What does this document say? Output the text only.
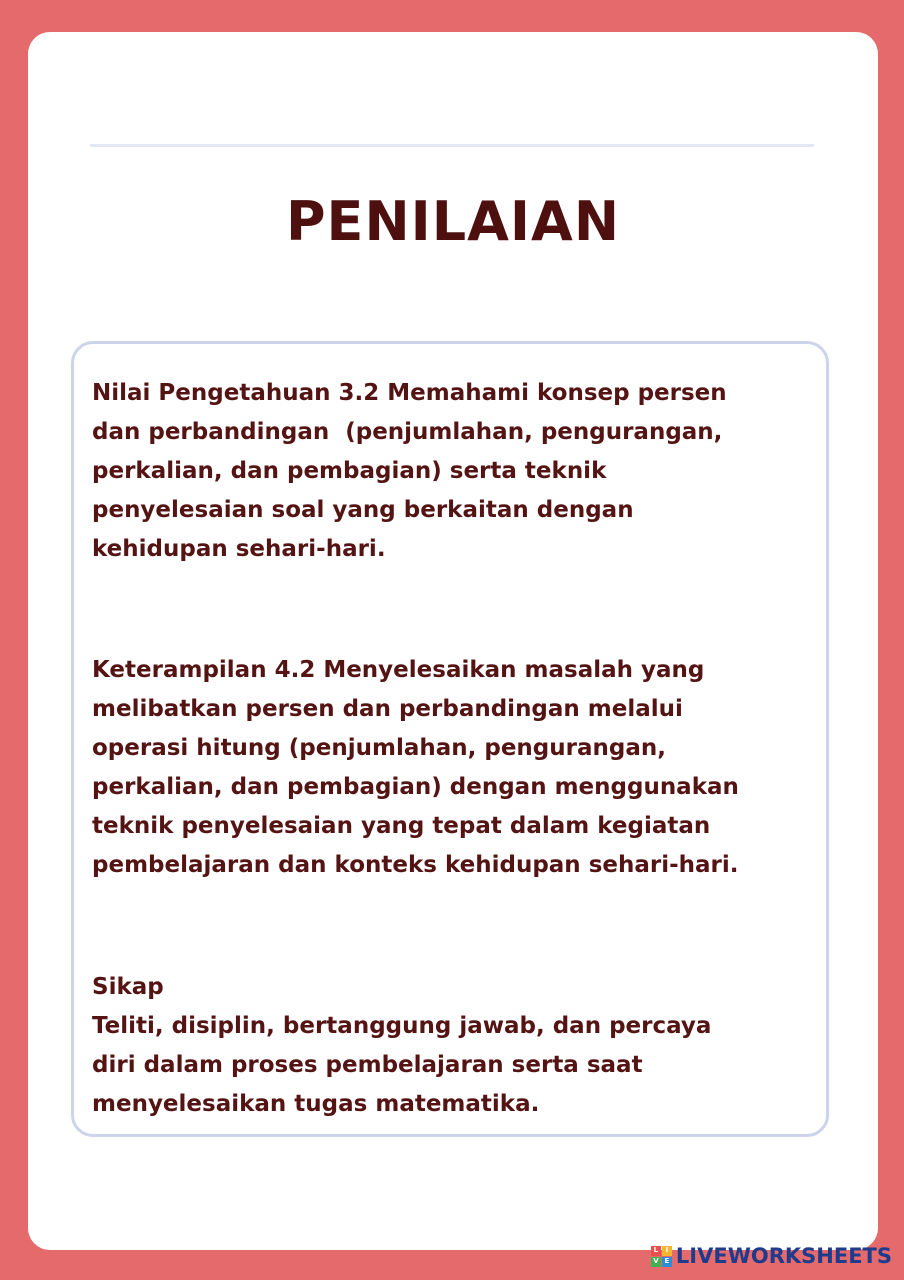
PENILAIAN

Nilai Pengetahuan 3.2 Memahami konsep persen
dan perbandingan  (penjumlahan, pengurangan,
perkalian, dan pembagian) serta teknik
penyelesaian soal yang berkaitan dengan
kehidupan sehari-hari.

Keterampilan 4.2 Menyelesaikan masalah yang
melibatkan persen dan perbandingan melalui
operasi hitung (penjumlahan, pengurangan,
perkalian, dan pembagian) dengan menggunakan
teknik penyelesaian yang tepat dalam kegiatan
pembelajaran dan konteks kehidupan sehari-hari.

Sikap
Teliti, disiplin, bertanggung jawab, dan percaya
diri dalam proses pembelajaran serta saat
menyelesaikan tugas matematika.

L	I
V E LIVEWORKSHEETS
